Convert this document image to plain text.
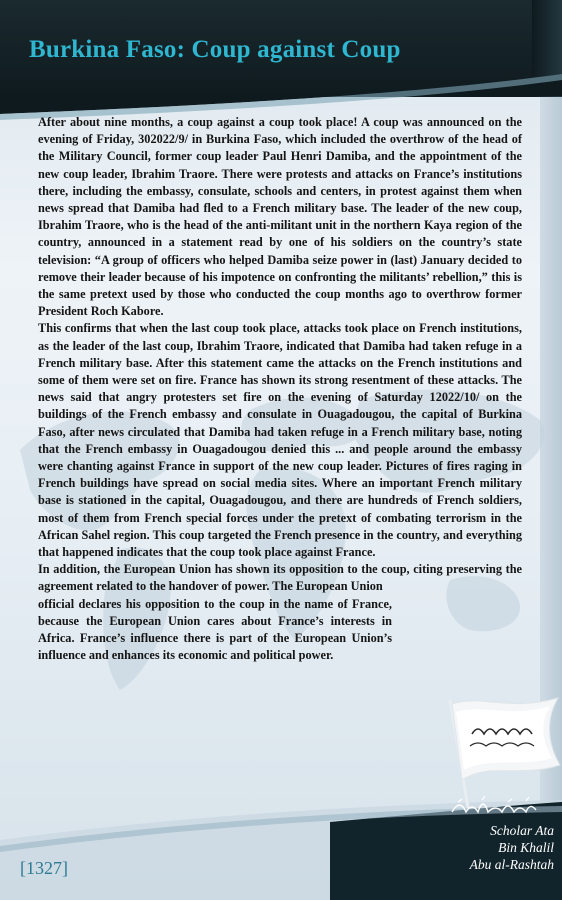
Burkina Faso: Coup against Coup

After about nine months, a coup against a coup took place! A coup was announced on the evening of Friday, 302022/9/ in Burkina Faso, which included the overthrow of the head of the Military Council, former coup leader Paul Henri Damiba, and the appointment of the new coup leader, Ibrahim Traore. There were protests and attacks on France’s institutions there, including the embassy, consulate, schools and centers, in protest against them when news spread that Damiba had fled to a French military base. The leader of the new coup, Ibrahim Traore, who is the head of the anti-militant unit in the northern Kaya region of the country, announced in a statement read by one of his soldiers on the country’s state television: “A group of officers who helped Damiba seize power in (last) January decided to remove their leader because of his impotence on confronting the militants’ rebellion,” this is the same pretext used by those who conducted the coup months ago to overthrow former President Roch Kabore.

This confirms that when the last coup took place, attacks took place on French institutions, as the leader of the last coup, Ibrahim Traore, indicated that Damiba had taken refuge in a French military base. After this statement came the attacks on the French institutions and some of them were set on fire. France has shown its strong resentment of these attacks. The news said that angry protesters set fire on the evening of Saturday 12022/10/ on the buildings of the French embassy and consulate in Ouagadougou, the capital of Burkina Faso, after news circulated that Damiba had taken refuge in a French military base, noting that the French embassy in Ouagadougou denied this ... and people around the embassy were chanting against France in support of the new coup leader. Pictures of fires raging in French buildings have spread on social media sites. Where an important French military base is stationed in the capital, Ouagadougou, and there are hundreds of French soldiers, most of them from French special forces under the pretext of combating terrorism in the African Sahel region. This coup targeted the French presence in the country, and everything that happened indicates that the coup took place against France.

In addition, the European Union has shown its opposition to the coup, citing preserving the agreement related to the handover of power. The European Union

official declares his opposition to the coup in the name of France, because the European Union cares about France’s interests in Africa. France’s influence there is part of the European Union’s influence and enhances its economic and political power.

Scholar Ata
Bin Khalil
Abu al-Rashtah

[1327]
